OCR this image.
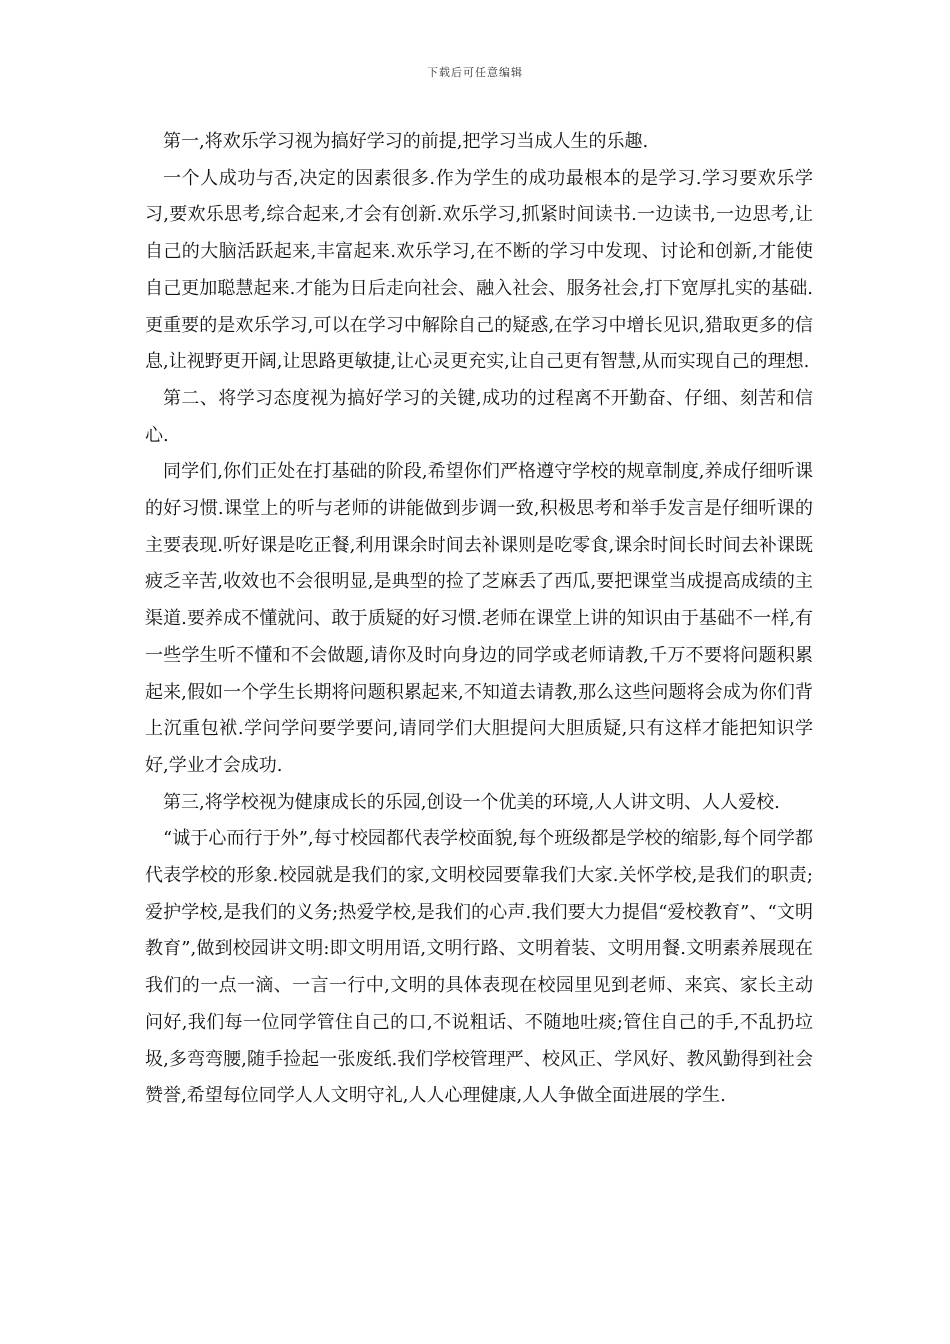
下载后可任意编辑

第一,将欢乐学习视为搞好学习的前提,把学习当成人生的乐趣.

一个人成功与否,决定的因素很多.作为学生的成功最根本的是学习.学习要欢乐学习,要欢乐思考,综合起来,才会有创新.欢乐学习,抓紧时间读书.一边读书,一边思考,让自己的大脑活跃起来,丰富起来.欢乐学习,在不断的学习中发现、讨论和创新,才能使自己更加聪慧起来.才能为日后走向社会、融入社会、服务社会,打下宽厚扎实的基础.更重要的是欢乐学习,可以在学习中解除自己的疑惑,在学习中增长见识,猎取更多的信息,让视野更开阔,让思路更敏捷,让心灵更充实,让自己更有智慧,从而实现自己的理想.

第二、将学习态度视为搞好学习的关键,成功的过程离不开勤奋、仔细、刻苦和信心.

同学们,你们正处在打基础的阶段,希望你们严格遵守学校的规章制度,养成仔细听课的好习惯.课堂上的听与老师的讲能做到步调一致,积极思考和举手发言是仔细听课的主要表现.听好课是吃正餐,利用课余时间去补课则是吃零食,课余时间长时间去补课既疲乏辛苦,收效也不会很明显,是典型的捡了芝麻丢了西瓜,要把课堂当成提高成绩的主渠道.要养成不懂就问、敢于质疑的好习惯.老师在课堂上讲的知识由于基础不一样,有一些学生听不懂和不会做题,请你及时向身边的同学或老师请教,千万不要将问题积累起来,假如一个学生长期将问题积累起来,不知道去请教,那么这些问题将会成为你们背上沉重包袱.学问学问要学要问,请同学们大胆提问大胆质疑,只有这样才能把知识学好,学业才会成功.

第三,将学校视为健康成长的乐园,创设一个优美的环境,人人讲文明、人人爱校.

“诚于心而行于外”,每寸校园都代表学校面貌,每个班级都是学校的缩影,每个同学都代表学校的形象.校园就是我们的家,文明校园要靠我们大家.关怀学校,是我们的职责;爱护学校,是我们的义务;热爱学校,是我们的心声.我们要大力提倡“爱校教育”、“文明教育”,做到校园讲文明:即文明用语,文明行路、文明着装、文明用餐.文明素养展现在我们的一点一滴、一言一行中,文明的具体表现在校园里见到老师、来宾、家长主动问好,我们每一位同学管住自己的口,不说粗话、不随地吐痰;管住自己的手,不乱扔垃圾,多弯弯腰,随手捡起一张废纸.我们学校管理严、校风正、学风好、教风勤得到社会赞誉,希望每位同学人人文明守礼,人人心理健康,人人争做全面进展的学生.
